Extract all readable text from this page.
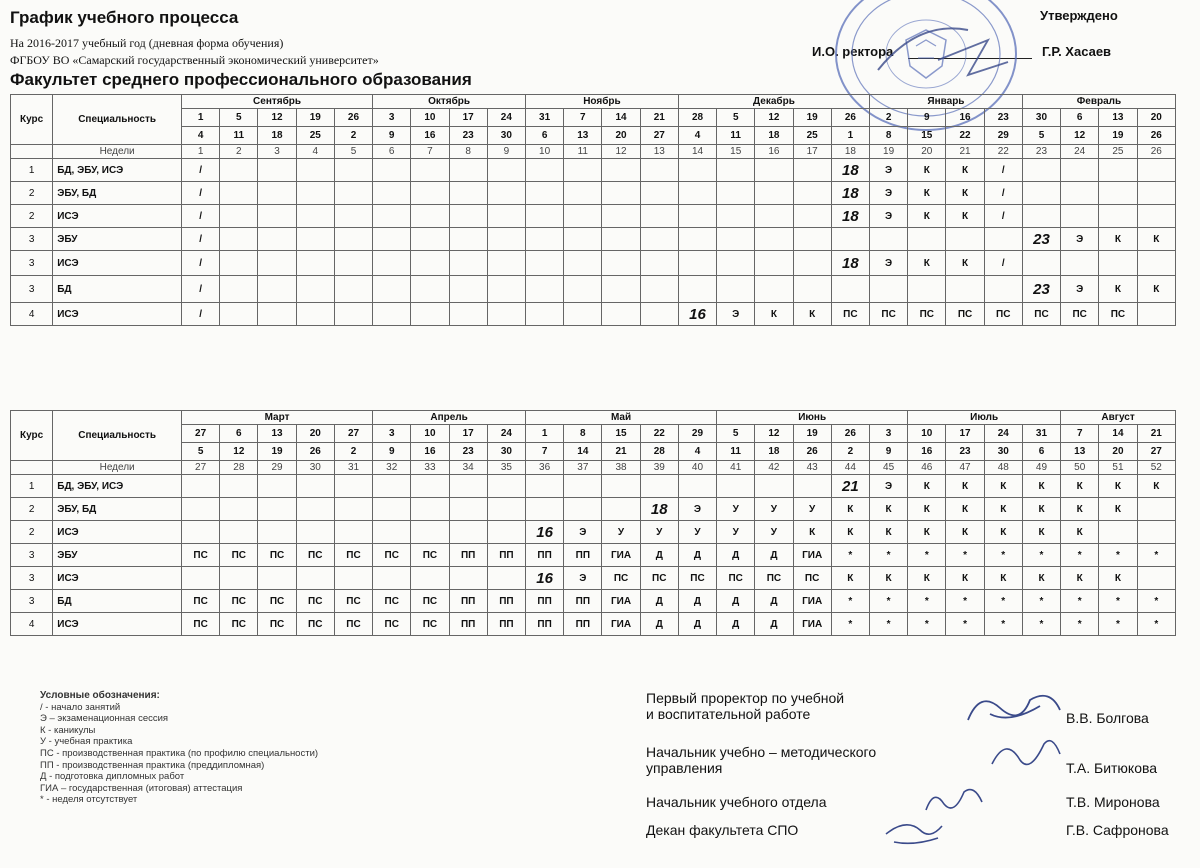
График учебного процесса
На 2016-2017 учебный год (дневная форма обучения)
ФГБОУ ВО «Самарский государственный экономический университет»
Факультет среднего профессионального образования
Утверждено
И.О. ректора	Г.Р. Хасаев
Курс	Специальность	Сентябрь					Октябрь				Ноябрь				Декабрь					Январь				Февраль			
		1	5	12	19	26	3	10	17	24	31	7	14	21	28	5	12	19	26	2	9	16	23	30	6	13	20
		4	11	18	25	2	9	16	23	30	6	13	20	27	4	11	18	25	1	8	15	22	29	5	12	19	26
	Недели	1	2	3	4	5	6	7	8	9	10	11	12	13	14	15	16	17	18	19	20	21	22	23	24	25	26
1	БД, ЭБУ, ИСЭ	/																	18	Э	К	К	/				
2	ЭБУ, БД	/																	18	Э	К	К	/				
2	ИСЭ	/																	18	Э	К	К	/				
3	ЭБУ	/																						23	Э	К	К
3	ИСЭ	/																	18	Э	К	К	/				
3	БД	/																						23	Э	К	К
4	ИСЭ	/													16	Э	К	К	ПС	ПС	ПС	ПС	ПС	ПС	ПС	ПС	
Курс	Специальность	Март					Апрель				Май					Июнь					Июль				Август		
		27	6	13	20	27	3	10	17	24	1	8	15	22	29	5	12	19	26	3	10	17	24	31	7	14	21
		5	12	19	26	2	9	16	23	30	7	14	21	28	4	11	18	26	2	9	16	23	30	6	13	20	27
	Недели	27	28	29	30	31	32	33	34	35	36	37	38	39	40	41	42	43	44	45	46	47	48	49	50	51	52
1	БД, ЭБУ, ИСЭ																		21	Э	К	К	К	К	К	К	К
2	ЭБУ, БД													18	Э	У	У	У	К	К	К	К	К	К	К	К	
2	ИСЭ										16	Э	У	У	У	У	У	К	К	К	К	К	К	К	К		
3	ЭБУ	ПС	ПС	ПС	ПС	ПС	ПС	ПС	ПП	ПП	ПП	ПП	ГИА	Д	Д	Д	Д	ГИА	*	*	*	*	*	*	*	*	*
3	ИСЭ										16	Э	ПС	ПС	ПС	ПС	ПС	ПС	К	К	К	К	К	К	К	К	
3	БД	ПС	ПС	ПС	ПС	ПС	ПС	ПС	ПП	ПП	ПП	ПП	ГИА	Д	Д	Д	Д	ГИА	*	*	*	*	*	*	*	*	*
4	ИСЭ	ПС	ПС	ПС	ПС	ПС	ПС	ПС	ПП	ПП	ПП	ПП	ГИА	Д	Д	Д	Д	ГИА	*	*	*	*	*	*	*	*	*
Условные обозначения:
/ - начало занятий
Э – экзаменационная сессия
К - каникулы
У - учебная практика
ПС - производственная практика (по профилю специальности)
ПП - производственная практика (преддипломная)
Д - подготовка дипломных работ
ГИА – государственная (итоговая) аттестация
* - неделя отсутствует
Первый проректор по учебной
и воспитательной работе	В.В. Болгова
Начальник учебно – методического
управления	Т.А. Битюкова
Начальник учебного отдела	Т.В. Миронова
Декан факультета СПО	Г.В. Сафронова
